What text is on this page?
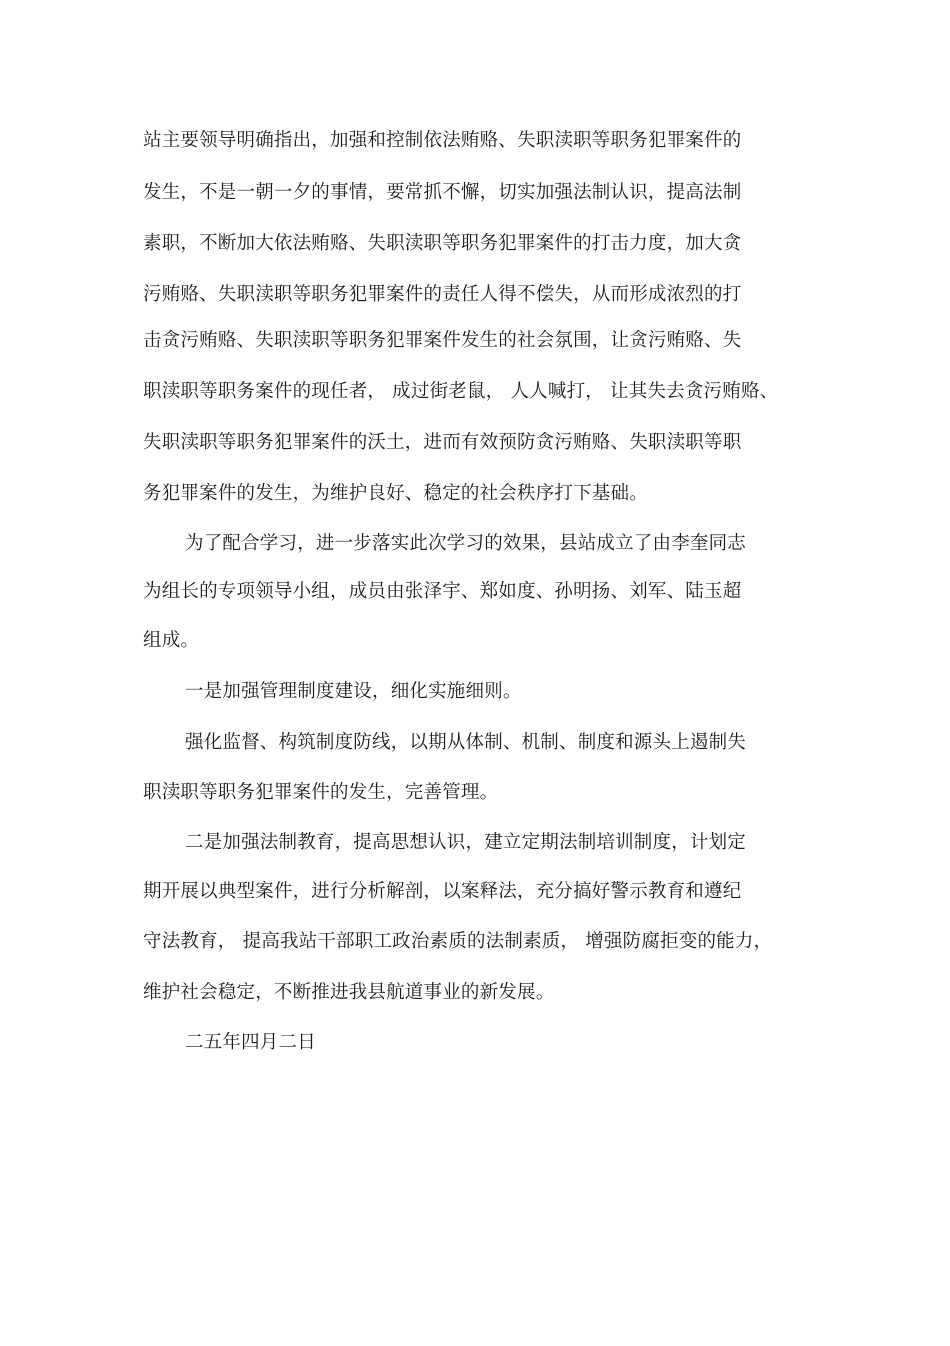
站主要领导明确指出，加强和控制依法贿赂、失职渎职等职务犯罪案件的
发生，不是一朝一夕的事情，要常抓不懈，切实加强法制认识，提高法制
素职，不断加大依法贿赂、失职渎职等职务犯罪案件的打击力度，加大贪
污贿赂、失职渎职等职务犯罪案件的责任人得不偿失，从而形成浓烈的打
击贪污贿赂、失职渎职等职务犯罪案件发生的社会氛围，让贪污贿赂、失
职渎职等职务案件的现任者， 成过街老鼠， 人人喊打， 让其失去贪污贿赂、
失职渎职等职务犯罪案件的沃土，进而有效预防贪污贿赂、失职渎职等职
务犯罪案件的发生，为维护良好、稳定的社会秩序打下基础。
为了配合学习，进一步落实此次学习的效果，县站成立了由李奎同志
为组长的专项领导小组，成员由张泽宇、郑如度、孙明扬、刘军、陆玉超
组成。
一是加强管理制度建设，细化实施细则。
强化监督、构筑制度防线，以期从体制、机制、制度和源头上遏制失
职渎职等职务犯罪案件的发生，完善管理。
二是加强法制教育，提高思想认识，建立定期法制培训制度，计划定
期开展以典型案件，进行分析解剖，以案释法，充分搞好警示教育和遵纪
守法教育， 提高我站干部职工政治素质的法制素质， 增强防腐拒变的能力，
维护社会稳定，不断推进我县航道事业的新发展。
二五年四月二日
